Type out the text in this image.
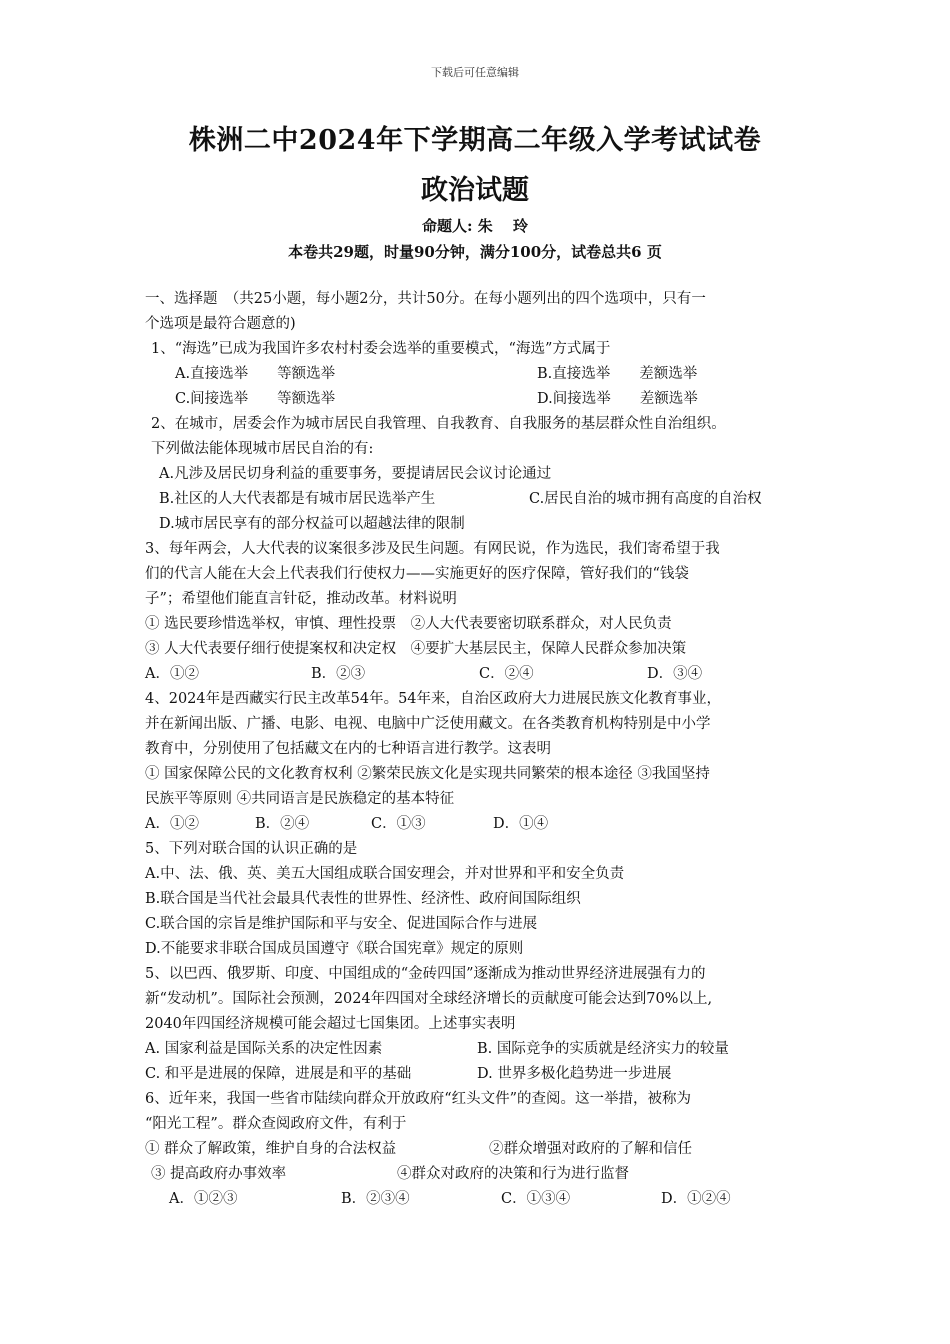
下载后可任意编辑
株洲二中2024年下学期高二年级入学考试试卷
政治试题
命题人: 朱　 玲
本卷共29题，时量90分钟，满分100分，试卷总共6 页
一、选择题　（共25小题，每小题2分，共计50分。在每小题列出的四个选项中，只有一
个选项是最符合题意的)
1、“海选”已成为我国许多农村村委会选举的重要模式，“海选”方式属于
A.直接选举　　等额选举	B.直接选举　　差额选举
C.间接选举　　等额选举	D.间接选举　　差额选举
2、在城市，居委会作为城市居民自我管理、自我教育、自我服务的基层群众性自治组织。
下列做法能体现城市居民自治的有:
A.凡涉及居民切身利益的重要事务，要提请居民会议讨论通过
B.社区的人大代表都是有城市居民选举产生	C.居民自治的城市拥有高度的自治权
D.城市居民享有的部分权益可以超越法律的限制
3、每年两会，人大代表的议案很多涉及民生问题。有网民说，作为选民，我们寄希望于我
们的代言人能在大会上代表我们行使权力——实施更好的医疗保障，管好我们的“钱袋
子”；希望他们能直言针砭，推动改革。材料说明
① 选民要珍惜选举权，审慎、理性投票　②人大代表要密切联系群众，对人民负责
③ 人大代表要仔细行使提案权和决定权　④要扩大基层民主，保障人民群众参加决策
A．①②	B．②③	C．②④	D．③④
4、2024年是西藏实行民主改革54年。54年来，自治区政府大力进展民族文化教育事业，
并在新闻出版、广播、电影、电视、电脑中广泛使用藏文。在各类教育机构特别是中小学
教育中，分别使用了包括藏文在内的七种语言进行教学。这表明
① 国家保障公民的文化教育权利 ②繁荣民族文化是实现共同繁荣的根本途径 ③我国坚持
民族平等原则 ④共同语言是民族稳定的基本特征
A．①②	B．②④	C．①③	D．①④
5、下列对联合国的认识正确的是
A.中、法、俄、英、美五大国组成联合国安理会，并对世界和平和安全负责
B.联合国是当代社会最具代表性的世界性、经济性、政府间国际组织
C.联合国的宗旨是维护国际和平与安全、促进国际合作与进展
D.不能要求非联合国成员国遵守《联合国宪章》规定的原则
5、以巴西、俄罗斯、印度、中国组成的“金砖四国”逐渐成为推动世界经济进展强有力的
新“发动机”。国际社会预测，2024年四国对全球经济增长的贡献度可能会达到70%以上,
2040年四国经济规模可能会超过七国集团。上述事实表明
A. 国家利益是国际关系的决定性因素	B. 国际竞争的实质就是经济实力的较量
C. 和平是进展的保障，进展是和平的基础	D. 世界多极化趋势进一步进展
6、近年来，我国一些省市陆续向群众开放政府“红头文件”的查阅。这一举措，被称为
“阳光工程”。群众查阅政府文件，有利于
① 群众了解政策，维护自身的合法权益	②群众增强对政府的了解和信任
③ 提高政府办事效率	④群众对政府的决策和行为进行监督
A．①②③	B．②③④	C．①③④	D．①②④
